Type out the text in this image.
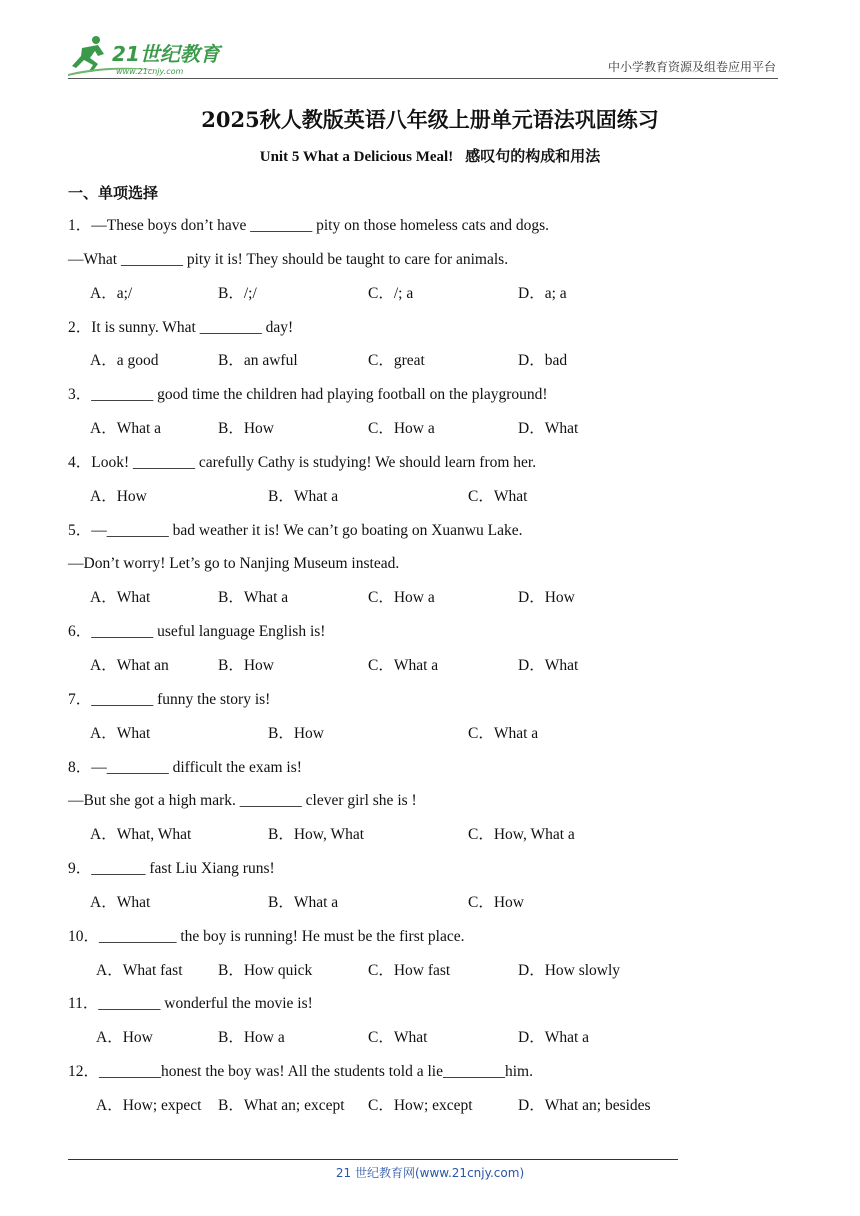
21世纪教育
www.21cnjy.com	中小学教育资源及组卷应用平台
2025秋人教版英语八年级上册单元语法巩固练习
Unit 5 What a Delicious Meal! 感叹句的构成和用法
一、单项选择
1．—These boys don’t have ________ pity on those homeless cats and dogs.
—What ________ pity it is! They should be taught to care for animals.
A．a;/	B．/;/	C．/; a	D．a; a
2．It is sunny. What ________ day!
A．a good	B．an awful	C．great	D．bad
3．________ good time the children had playing football on the playground!
A．What a	B．How	C．How a	D．What
4．Look! ________ carefully Cathy is studying! We should learn from her.
A．How	B．What a	C．What
5．—________ bad weather it is! We can’t go boating on Xuanwu Lake.
—Don’t worry! Let’s go to Nanjing Museum instead.
A．What	B．What a	C．How a	D．How
6．________ useful language English is!
A．What an	B．How	C．What a	D．What
7．________ funny the story is!
A．What	B．How	C．What a
8．—________ difficult the exam is!
—But she got a high mark. ________ clever girl she is !
A．What, What	B．How, What	C．How, What a
9．_______ fast Liu Xiang runs!
A．What	B．What a	C．How
10．__________ the boy is running! He must be the first place.
A．What fast B．How quick	C．How fast	D．How slowly
11．________ wonderful the movie is!
A．How	B．How a	C．What	D．What a
12．________honest the boy was! All the students told a lie________him.
A．How; expect B．What an; except C．How; except	D．What an; besides
21 世纪教育网(www.21cnjy.com)
